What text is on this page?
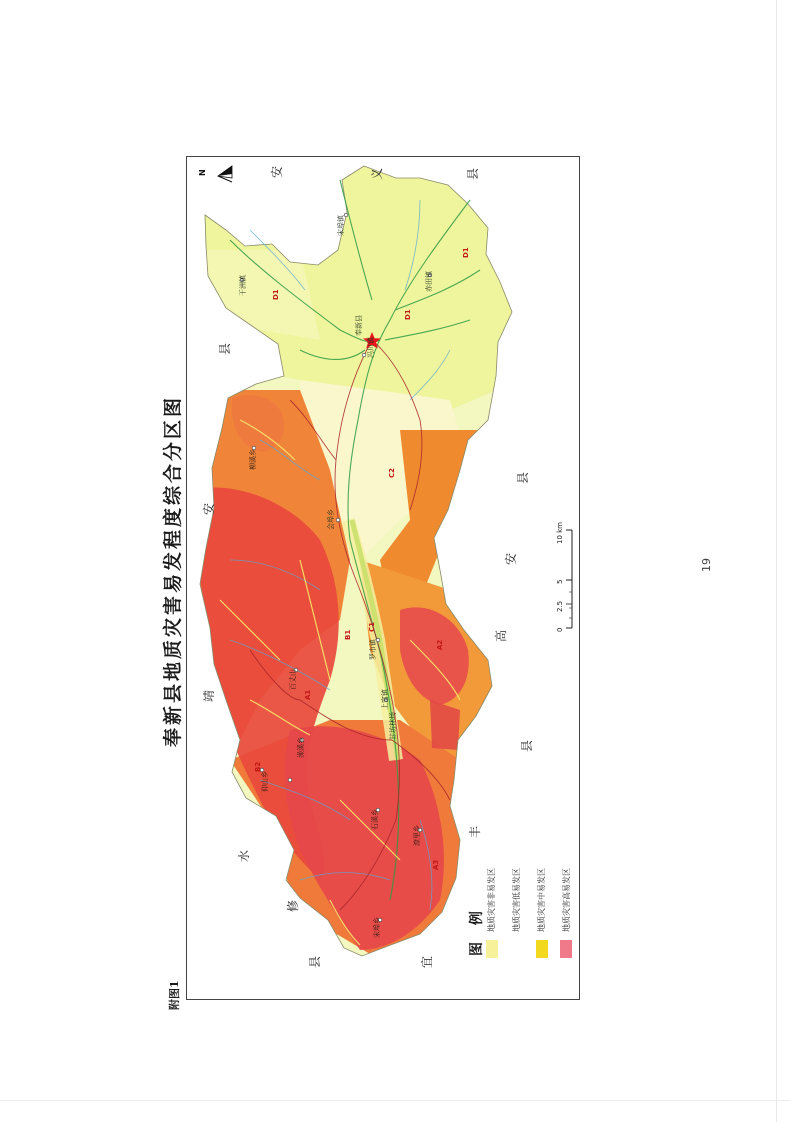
奉新县地质灾害易发程度综合分区图
附图1
19
N	安	义	县
靖
安
县
修
水
县	宜
丰
县
高
安
县
宋埠镇
干洲镇	赤田镇
奉新县
冯川镇
会埠乡
罗市镇
上富镇
甘坊林场
柳溪乡
百丈山
澡溪乡
仰山乡
石溪乡
潦里乡
宋埠乡
D1
D1
D1
C2
B1
C1
A1
A2
B2
A3
图 例 地质灾害非易发区 地质灾害低易发区 地质灾害中易发区 地质灾害高易发区
0
2.5
5
10 km
